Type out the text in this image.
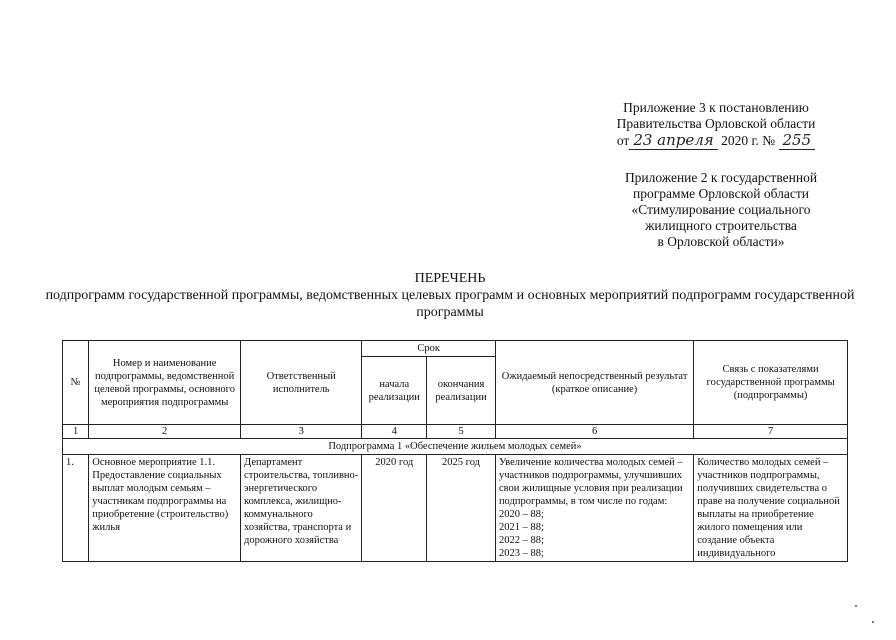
Приложение 3 к постановлению
Правительства Орловской области
от 23 апреля 2020 г. № 255
Приложение 2 к государственной
программе Орловской области
«Стимулирование социального
жилищного строительства
в Орловской области»
ПЕРЕЧЕНЬ
подпрограмм государственной программы, ведомственных целевых программ и основных мероприятий подпрограмм государственной программы
№	Номер и наименование подпрограммы, ведомственной целевой программы, основного мероприятия подпрограммы	Ответственный исполнитель	Срок		Ожидаемый непосредственный результат (краткое описание)	Связь с показателями государственной программы (подпрограммы)
			начала реализации	окончания реализации		
1	2	3	4	5	6	7
Подпрограмма 1 «Обеспечение жильем молодых семей»						
1.	Основное мероприятие 1.1. Предоставление социальных выплат молодым семьям – участникам подпрограммы на приобретение (строительство) жилья	Департамент строительства, топливно-энергетического комплекса, жилищно-коммунального хозяйства, транспорта и дорожного хозяйства	2020 год	2025 год	Увеличение количества молодых семей – участников подпрограммы, улучшивших свои жилищные условия при реализации подпрограммы, в том числе по годам:
2020 – 88;
2021 – 88;
2022 – 88;
2023 – 88;	Количество молодых семей – участников подпрограммы, получивших свидетельства о праве на получение социальной выплаты на приобретение жилого помещения или создание объекта индивидуального
